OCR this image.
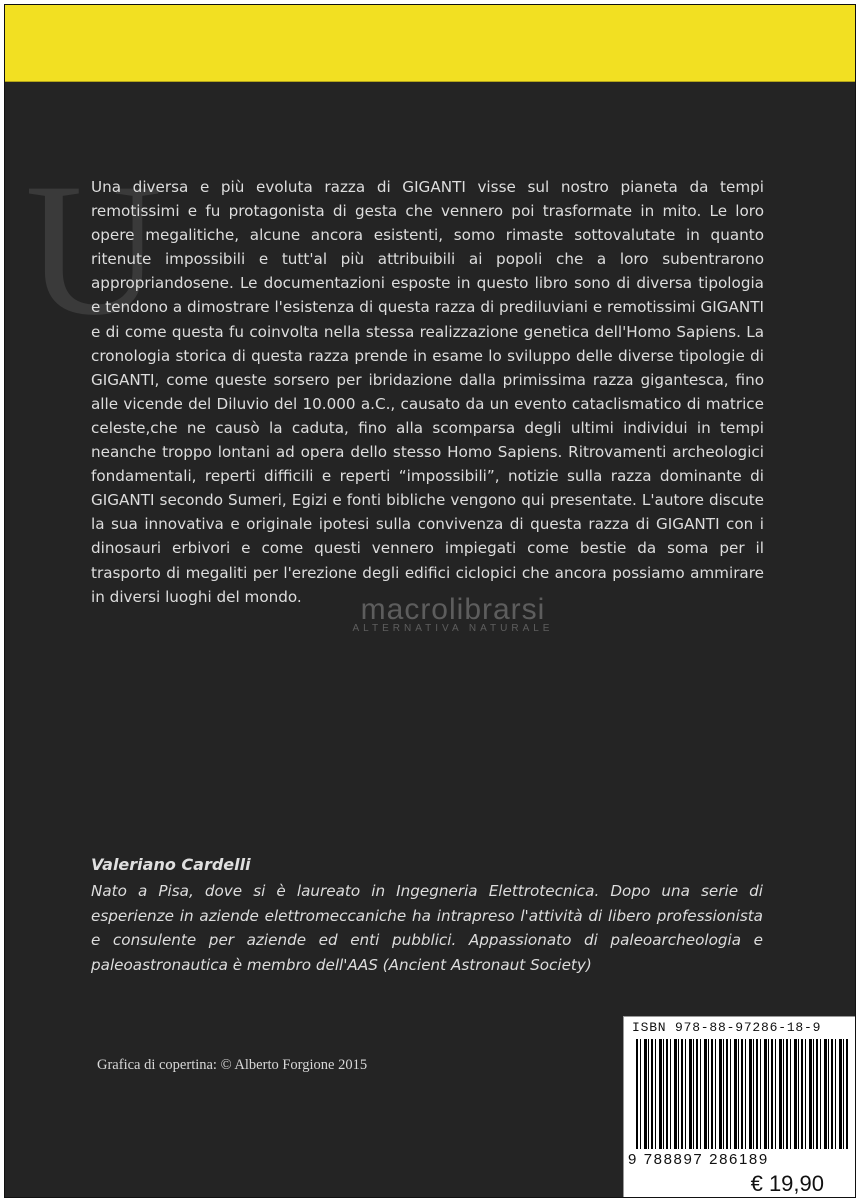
U

Una diversa e più evoluta razza di GIGANTI visse sul nostro pianeta da tempi remotissimi e fu protagonista di gesta che vennero poi trasformate in mito. Le loro opere megalitiche, alcune ancora esistenti, somo rimaste sottovalutate in quanto ritenute impossibili e tutt'al più attribuibili ai popoli che a loro subentrarono appropriandosene. Le documentazioni esposte in questo libro sono di diversa tipologia e tendono a dimostrare l'esistenza di questa razza di prediluviani e remotissimi GIGANTI e di come questa fu coinvolta nella stessa realizzazione genetica dell'Homo Sapiens. La cronologia storica di questa razza prende in esame lo sviluppo delle diverse tipologie di GIGANTI, come queste sorsero per ibridazione dalla primissima razza gigantesca, fino alle vicende del Diluvio del 10.000 a.C., causato da un evento cataclismatico di matrice celeste,che ne causò la caduta, fino alla scomparsa degli ultimi individui in tempi neanche troppo lontani ad opera dello stesso Homo Sapiens. Ritrovamenti archeologici fondamentali, reperti difficili e reperti “impossibili”, notizie sulla razza dominante di GIGANTI secondo Sumeri, Egizi e fonti bibliche vengono qui presentate. L'autore discute la sua innovativa e originale ipotesi sulla convivenza di questa razza di GIGANTI con i dinosauri erbivori e come questi vennero impiegati come bestie da soma per il trasporto di megaliti per l'erezione degli edifici ciclopici che ancora possiamo ammirare in diversi luoghi del mondo.	macrolibrarsi
ALTERNATIVA NATURALE
Valeriano Cardelli

Nato a Pisa, dove si è laureato in Ingegneria Elettrotecnica. Dopo una serie di esperienze in aziende elettromeccaniche ha intrapreso l'attività di libero professionista e consulente per aziende ed enti pubblici. Appassionato di paleoarcheologia e paleoastronautica è membro dell'AAS (Ancient Astronaut Society)

Grafica di copertina: © Alberto Forgione 2015
ISBN 978-88-97286-18-9
9 788897 286189
€ 19,90
